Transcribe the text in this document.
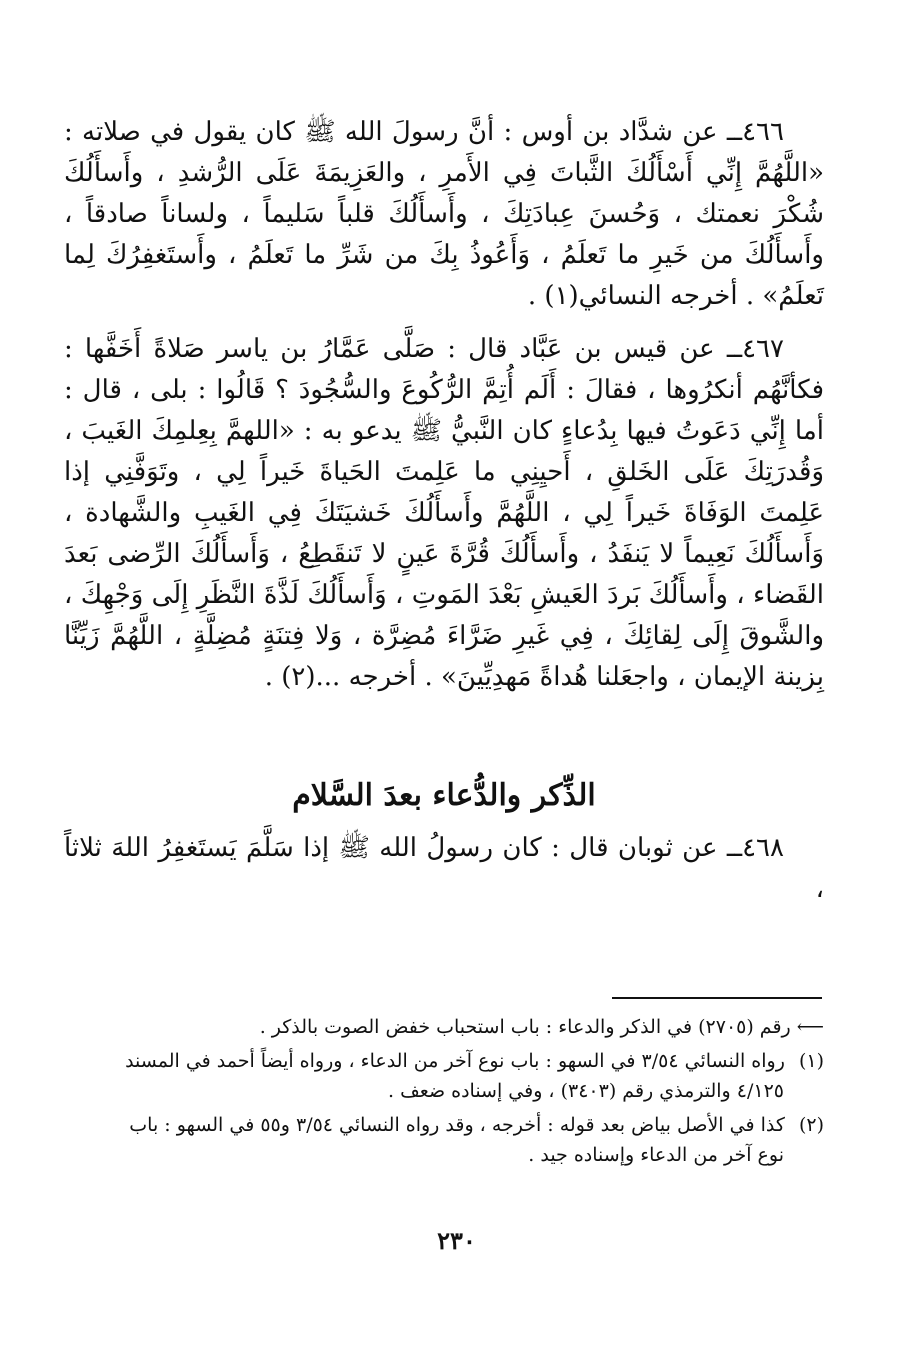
٤٦٦ــ عن شدَّاد بن أوس : أنَّ رسولَ الله ﷺ كان يقول في صلاته : «اللَّهُمَّ إِنِّي أَسْأَلُكَ الثَّباتَ فِي الأَمرِ ، والعَزِيمَةَ عَلَى الرُّشدِ ، وأَسأَلُكَ شُكْرَ نعمتك ، وَحُسنَ عِبادَتِكَ ، وأَسأَلُكَ قلباً سَليماً ، ولساناً صادقاً ، وأَسأَلُكَ من خَيرِ ما تَعلَمُ ، وَأَعُوذُ بِكَ من شَرِّ ما تَعلَمُ ، وأَستَغفِرُكَ لِما تَعلَمُ» . أخرجه النسائي(١) .

٤٦٧ــ عن قيس بن عَبَّاد قال : صَلَّى عَمَّارُ بن ياسر صَلاةً أَخَفَّها : فكأنَّهُم أنكرُوها ، فقالَ : أَلَم أُتِمَّ الرُّكُوعَ والسُّجُودَ ؟ قَالُوا : بلى ، قال : أما إِنِّي دَعَوتُ فيها بِدُعاءٍ كان النَّبيُّ ﷺ يدعو به : «اللهمَّ بِعِلمِكَ الغَيبَ ، وَقُدرَتِكَ عَلَى الخَلقِ ، أَحيِنِي ما عَلِمتَ الحَياةَ خَيراً لِي ، وتَوَفَّنِي إذا عَلِمتَ الوَفَاةَ خَيراً لِي ، اللَّهُمَّ وأَسأَلُكَ خَشيَتَكَ فِي الغَيبِ والشَّهادة ، وَأَسأَلُكَ نَعِيماً لا يَنفَدُ ، وأَسأَلُكَ قُرَّةَ عَينٍ لا تَنقَطِعُ ، وَأَسأَلُكَ الرِّضى بَعدَ القَضاء ، وأَسأَلُكَ بَردَ العَيشِ بَعْدَ المَوتِ ، وَأَسأَلُكَ لَذَّةَ النَّظَرِ إِلَى وَجْهِكَ ، والشَّوقَ إِلَى لِقائِكَ ، فِي غَيرِ ضَرَّاءَ مُضِرَّة ، وَلا فِتنَةٍ مُضِلَّةٍ ، اللَّهُمَّ زَيِّنَّا بِزينة الإيمان ، واجعَلنا هُداةً مَهدِيِّينَ» . أخرجه ...(٢) .

الذِّكر والدُّعاء بعدَ السَّلام

٤٦٨ــ عن ثوبان قال : كان رسولُ الله ﷺ إذا سَلَّمَ يَستَغفِرُ اللهَ ثلاثاً ،

⟵ رقم (٢٧٠٥) في الذكر والدعاء : باب استحباب خفض الصوت بالذكر .

(١) رواه النسائي ٣/٥٤ في السهو : باب نوع آخر من الدعاء ، ورواه أيضاً أحمد في المسند
٤/١٢٥ والترمذي رقم (٣٤٠٣) ، وفي إسناده ضعف .

(٢) كذا في الأصل بياض بعد قوله : أخرجه ، وقد رواه النسائي ٣/٥٤ و٥٥ في السهو : باب
نوع آخر من الدعاء وإسناده جيد .

٢٣٠
